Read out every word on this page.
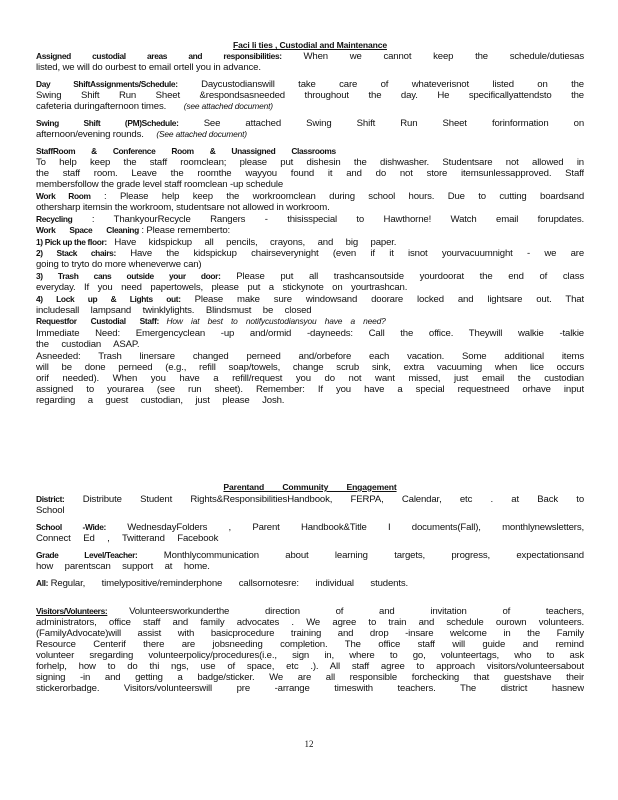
Faci li ties , Custodial and Maintenance
Assigned custodial areas and responsibilities: When we cannot keep the schedule/dutiesas
listed, we will do ourbest to email ortell you in advance.
Day ShiftAssignments/Schedule: Daycustodianswill take care of whateverisnot listed on the
Swing Shift Run Sheet &respondsasneeded throughout the day. He specificallyattendsto the
cafeteria duringafternoon times. (see attached document)
Swing Shift (PM)Schedule:	See attached Swing Shift Run Sheet forinformation on
afternoon/evening rounds. (See attached document)
StaffRoom & Conference Room & Unassigned Classrooms
To help keep the staff roomclean; please put dishesin the dishwasher. Studentsare not allowed in
the staff room. Leave the roomthe wayyou found it and do not store itemsunlessapproved. Staff
membersfollow the grade level staff roomclean -up schedule
Work Room : Please help keep the workroomclean during school hours. Due to cutting boardsand
othersharp itemsin the workroom, studentsare not allowed in workroom.
Recycling : ThankyourRecycle Rangers - thisisspecial to Hawthorne! Watch email forupdates.
Work Space Cleaning : Please rememberto:
1) Pick up the floor: Have kidspickup all pencils, crayons, and big paper.
2) Stack chairs: Have the kidspickup chairseverynight (even if it isnot yourvacuumnight - we are
going to tryto do more wheneverwe can)
3) Trash cans outside your door: Please put all trashcansoutside yourdoorat the end of class
everyday. If you need papertowels, please put a stickynote on yourtrashcan.
4) Lock up & Lights out: Please make sure windowsand doorare locked and lightsare out. That
includesall lampsand twinklylights. Blindsmust be closed
Requestfor Custodial Staff: How iat best to notifycustodiansyou have a need?
Immediate Need: Emergencyclean -up and/ormid -dayneeds: Call the office. Theywill walkie -talkie
the custodian ASAP.
Asneeded: Trash linersare changed perneed and/orbefore each vacation. Some additional items
will be done perneed (e.g., refill soap/towels, change scrub sink, extra vacuuming when lice occurs
orif needed). When you have a refill/request you do not want missed, just email the custodian
assigned to yourarea (see run sheet). Remember: If you have a special requestneed orhave input
regarding a guest custodian, just please Josh.
Parentand Community Engagement
District: Distribute Student Rights&ResponsibilitiesHandbook, FERPA, Calendar, etc . at Back to
School
School -Wide: WednesdayFolders , Parent Handbook&Title I documents(Fall), monthlynewsletters,
Connect Ed , Twitterand Facebook
Grade Level/Teacher:	Monthlycommunication about learning targets, progress, expectationsand
how parentscan support at home.
All: Regular, timelypositive/reminderphone callsornotesre: individual students.
Visitors/Volunteers: Volunteersworkunderthe direction of and invitation of teachers,
administrators, office staff and family advocates . We agree to train and schedule ourown volunteers.
(FamilyAdvocate)will assist with basicprocedure training and drop -insare welcome in the Family
Resource Centerif there are jobsneeding completion. The office staff will guide and remind
volunteer sregarding volunteerpolicy/procedures(i.e., sign in, where to go, volunteertags, who to ask
forhelp, how to do thi ngs, use of space, etc .). All staff agree to approach visitors/volunteersabout
signing -in and getting a badge/sticker. We are all responsible forchecking that guestshave their
stickerorbadge. Visitors/volunteerswill pre -arrange timeswith teachers. The district hasnew
12
